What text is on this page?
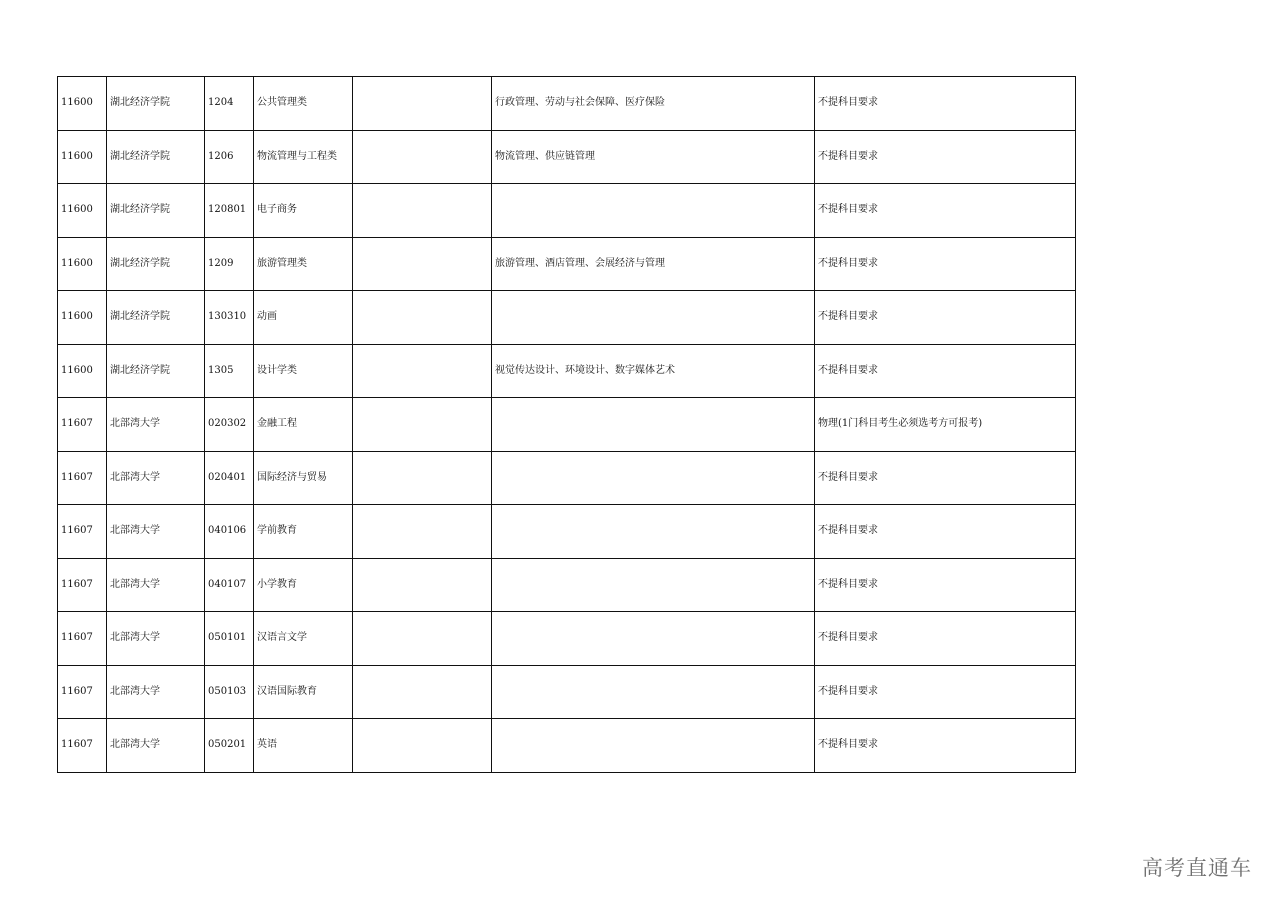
11600	湖北经济学院	1204	公共管理类		行政管理、劳动与社会保障、医疗保险	不提科目要求
11600	湖北经济学院	1206	物流管理与工程类		物流管理、供应链管理	不提科目要求
11600	湖北经济学院	120801	电子商务			不提科目要求
11600	湖北经济学院	1209	旅游管理类		旅游管理、酒店管理、会展经济与管理	不提科目要求
11600	湖北经济学院	130310	动画			不提科目要求
11600	湖北经济学院	1305	设计学类		视觉传达设计、环境设计、数字媒体艺术	不提科目要求
11607	北部湾大学	020302	金融工程			物理(1门科目考生必须选考方可报考)
11607	北部湾大学	020401	国际经济与贸易			不提科目要求
11607	北部湾大学	040106	学前教育			不提科目要求
11607	北部湾大学	040107	小学教育			不提科目要求
11607	北部湾大学	050101	汉语言文学			不提科目要求
11607	北部湾大学	050103	汉语国际教育			不提科目要求
11607	北部湾大学	050201	英语			不提科目要求
高考直通车
